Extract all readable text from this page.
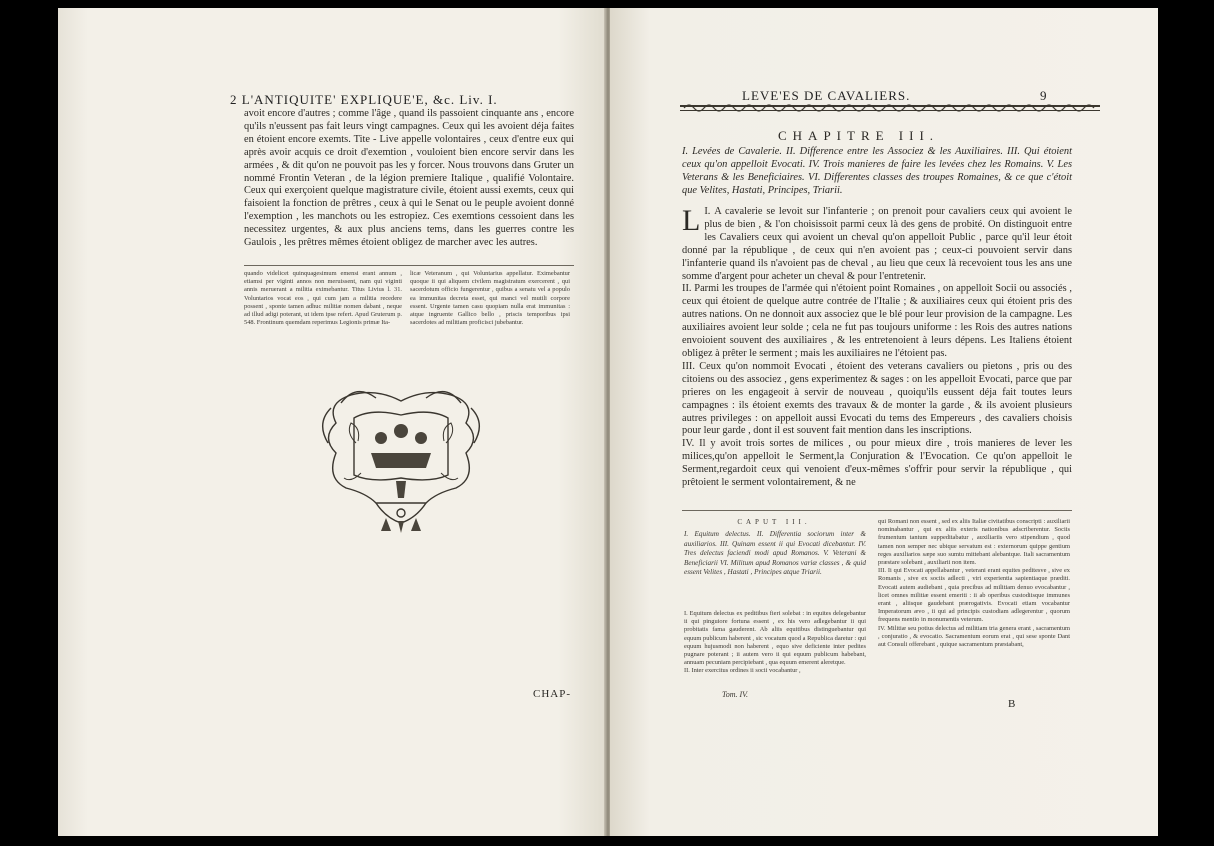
2 L'ANTIQUITE' EXPLIQUE'E, &c. Liv. I.
avoit encore d'autres ; comme l'âge , quand ils passoient cinquante ans , encore qu'ils n'eussent pas fait leurs vingt campagnes. Ceux qui les avoient déja faites en étoient encore exemts. Tite - Live appelle volontaires , ceux d'entre eux qui après avoir acquis ce droit d'exemtion , vouloient bien encore servir dans les armées , & dit qu'on ne pouvoit pas les y forcer. Nous trouvons dans Gruter un nommé Frontin Veteran , de la légion premiere Italique , qualifié Volontaire. Ceux qui exerçoient quelque magistrature civile, étoient aussi exemts, ceux qui faisoient la fonction de prêtres , ceux à qui le Senat ou le peuple avoient donné l'exemption , les manchots ou les estropiez. Ces exemtions cessoient dans les necessitez urgentes, & aux plus anciens tems, dans les guerres contre les Gaulois , les prêtres mêmes étoient obligez de marcher avec les autres.
quando videlicet quinquagesimum emensi erant annum , etiamsi per viginti annos non meruissent, nam qui viginti annis meruerant a militia eximebantur. Titus Livius l. 31. Voluntarios vocat eos , qui cum jam a militia recedere possent , sponte tamen adhuc militiæ nomen dabant , neque ad illud adigi poterant, ut idem ipse refert. Apud Gruterum p. 548. Frontinum quemdam reperimus Legionis primæ Ita-
licæ Veteranum , qui Voluntarius appellatur. Eximebantur quoque ii qui aliquem civilem magistratum exercerent , qui sacerdotum officio fungerentur , quibus a senatu vel a populo ea immunitas decreta esset, qui manci vel mutili corpore essent. Urgente tamen casu quopiam nulla erat immunitas : atque ingruente Gallico bello , priscis temporibus ipsi sacerdotes ad militiam proficisci jubebantur.
CHAP-
LEVE'ES DE CAVALIERS.	9
CHAPITRE III.
I. Levées de Cavalerie. II. Difference entre les Associez & les Auxiliaires. III. Qui étoient ceux qu'on appelloit Evocati. IV. Trois manieres de faire les levées chez les Romains. V. Les Veterans & les Beneficiaires. VI. Differentes classes des troupes Romaines, & ce que c'étoit que Velites, Hastati, Principes, Triarii.

I.
L A cavalerie se levoit sur l'infanterie ; on prenoit pour cavaliers ceux qui avoient le plus de bien , & l'on choisissoit parmi ceux là des gens de probité. On distinguoit entre les Cavaliers ceux qui avoient un cheval qu'on appelloit Public , parce qu'il leur étoit donné par la république , de ceux qui n'en avoient pas ; ceux-ci pouvoient servir dans l'infanterie quand ils n'avoient pas de cheval , au lieu que ceux là recevoient tous les ans une somme d'argent pour acheter un cheval & pour l'entretenir.

II. Parmi les troupes de l'armée qui n'étoient point Romaines , on appelloit Socii ou associés , ceux qui étoient de quelque autre contrée de l'Italie ; & auxiliaires ceux qui étoient pris des autres nations. On ne donnoit aux associez que le blé pour leur provision de la campagne. Les auxiliaires avoient leur solde ; cela ne fut pas toujours uniforme : les Rois des autres nations envoioient souvent des auxiliaires , & les entretenoient à leurs dépens. Les Italiens étoient obligez à prêter le serment ; mais les auxiliaires ne l'étoient pas.

III. Ceux qu'on nommoit Evocati , étoient des veterans cavaliers ou pietons , pris ou des citoiens ou des associez , gens experimentez & sages : on les appelloit Evocati, parce que par prieres on les engageoit à servir de nouveau , quoiqu'ils eussent déja fait toutes leurs campagnes : ils étoient exemts des travaux & de monter la garde , & ils avoient plusieurs autres privileges : on appelloit aussi Evocati du tems des Empereurs , des cavaliers choisis pour leur garde , dont il est souvent fait mention dans les inscriptions.

IV. Il y avoit trois sortes de milices , ou pour mieux dire , trois manieres de lever les milices,qu'on appelloit le Serment,la Conjuration & l'Evocation. Ce qu'on appelloit le Serment,regardoit ceux qui venoient d'eux-mêmes s'offrir pour servir la république , qui prêtoient le serment volontairement, & ne

CAPUT III.
I. Equitum delectus. II. Differentia sociorum inter & auxiliarios. III. Quinam essent ii qui Evocati dicebantur. IV. Tres delectus faciendi modi apud Romanos. V. Veterani & Beneficiarii VI. Militum apud Romanos variæ classes , & quid essent Velites , Hastati , Principes atque Triarii.

I. Equitum delectus ex peditibus fieri solebat : in equites delegebantur ii qui pinguiore fortuna essent , ex his vero adlegebantur ii qui probitatis fama gauderent. Ab aliis equitibus distinguebantur qui equum publicum haberent , sic vocatum quod a Republica daretur : qui equum hujusmodi non haberent , equo sive deficiente inter pedites pugnare poterant ; ii autem vero ii qui equum publicum habebant, annuam pecuniam percipiebant , qua equum emerent aleretque.

II. Inter exercitus ordines ii socii vocabantur ,

Tom. IV.

qui Romani non essent , sed ex aliis Italiæ civitatibus conscripti : auxiliarii nominabantur , qui ex aliis exteris nationibus adscriberentur. Sociis frumentum tantum suppeditabatur , auxiliariis vero stipendium , quod tamen non semper nec ubique servatum est : externorum quippe gentium reges auxiliarios sæpe suo sumtu mittebant alebantque. Itali sacramentum præstare solebant , auxiliarii non item.

III. Ii qui Evocati appellabantur , veterani erant equites peditesve , sive ex Romanis , sive ex sociis adlecti , viri experientia sapientiaque præditi. Evocati autem audiebant , quia precibus ad militiam denuo evocabantur , licet omnes militiæ essent emeriti : ii ab operibus custodiisque immunes erant , aliisque gaudebant prærogativis. Evocati etiam vocabantur Imperatorum ævo , ii qui ad principis custodiam adlegerentur , quorum frequens mentio in monumentis veterum.

IV. Militiæ seu potius delectus ad militiam tria genera erant , sacramentum , conjuratio , & evocatio. Sacramentum eorum erat , qui sese sponte Dant aut Consuli offerebant , quique sacramentum præstabant,

B
